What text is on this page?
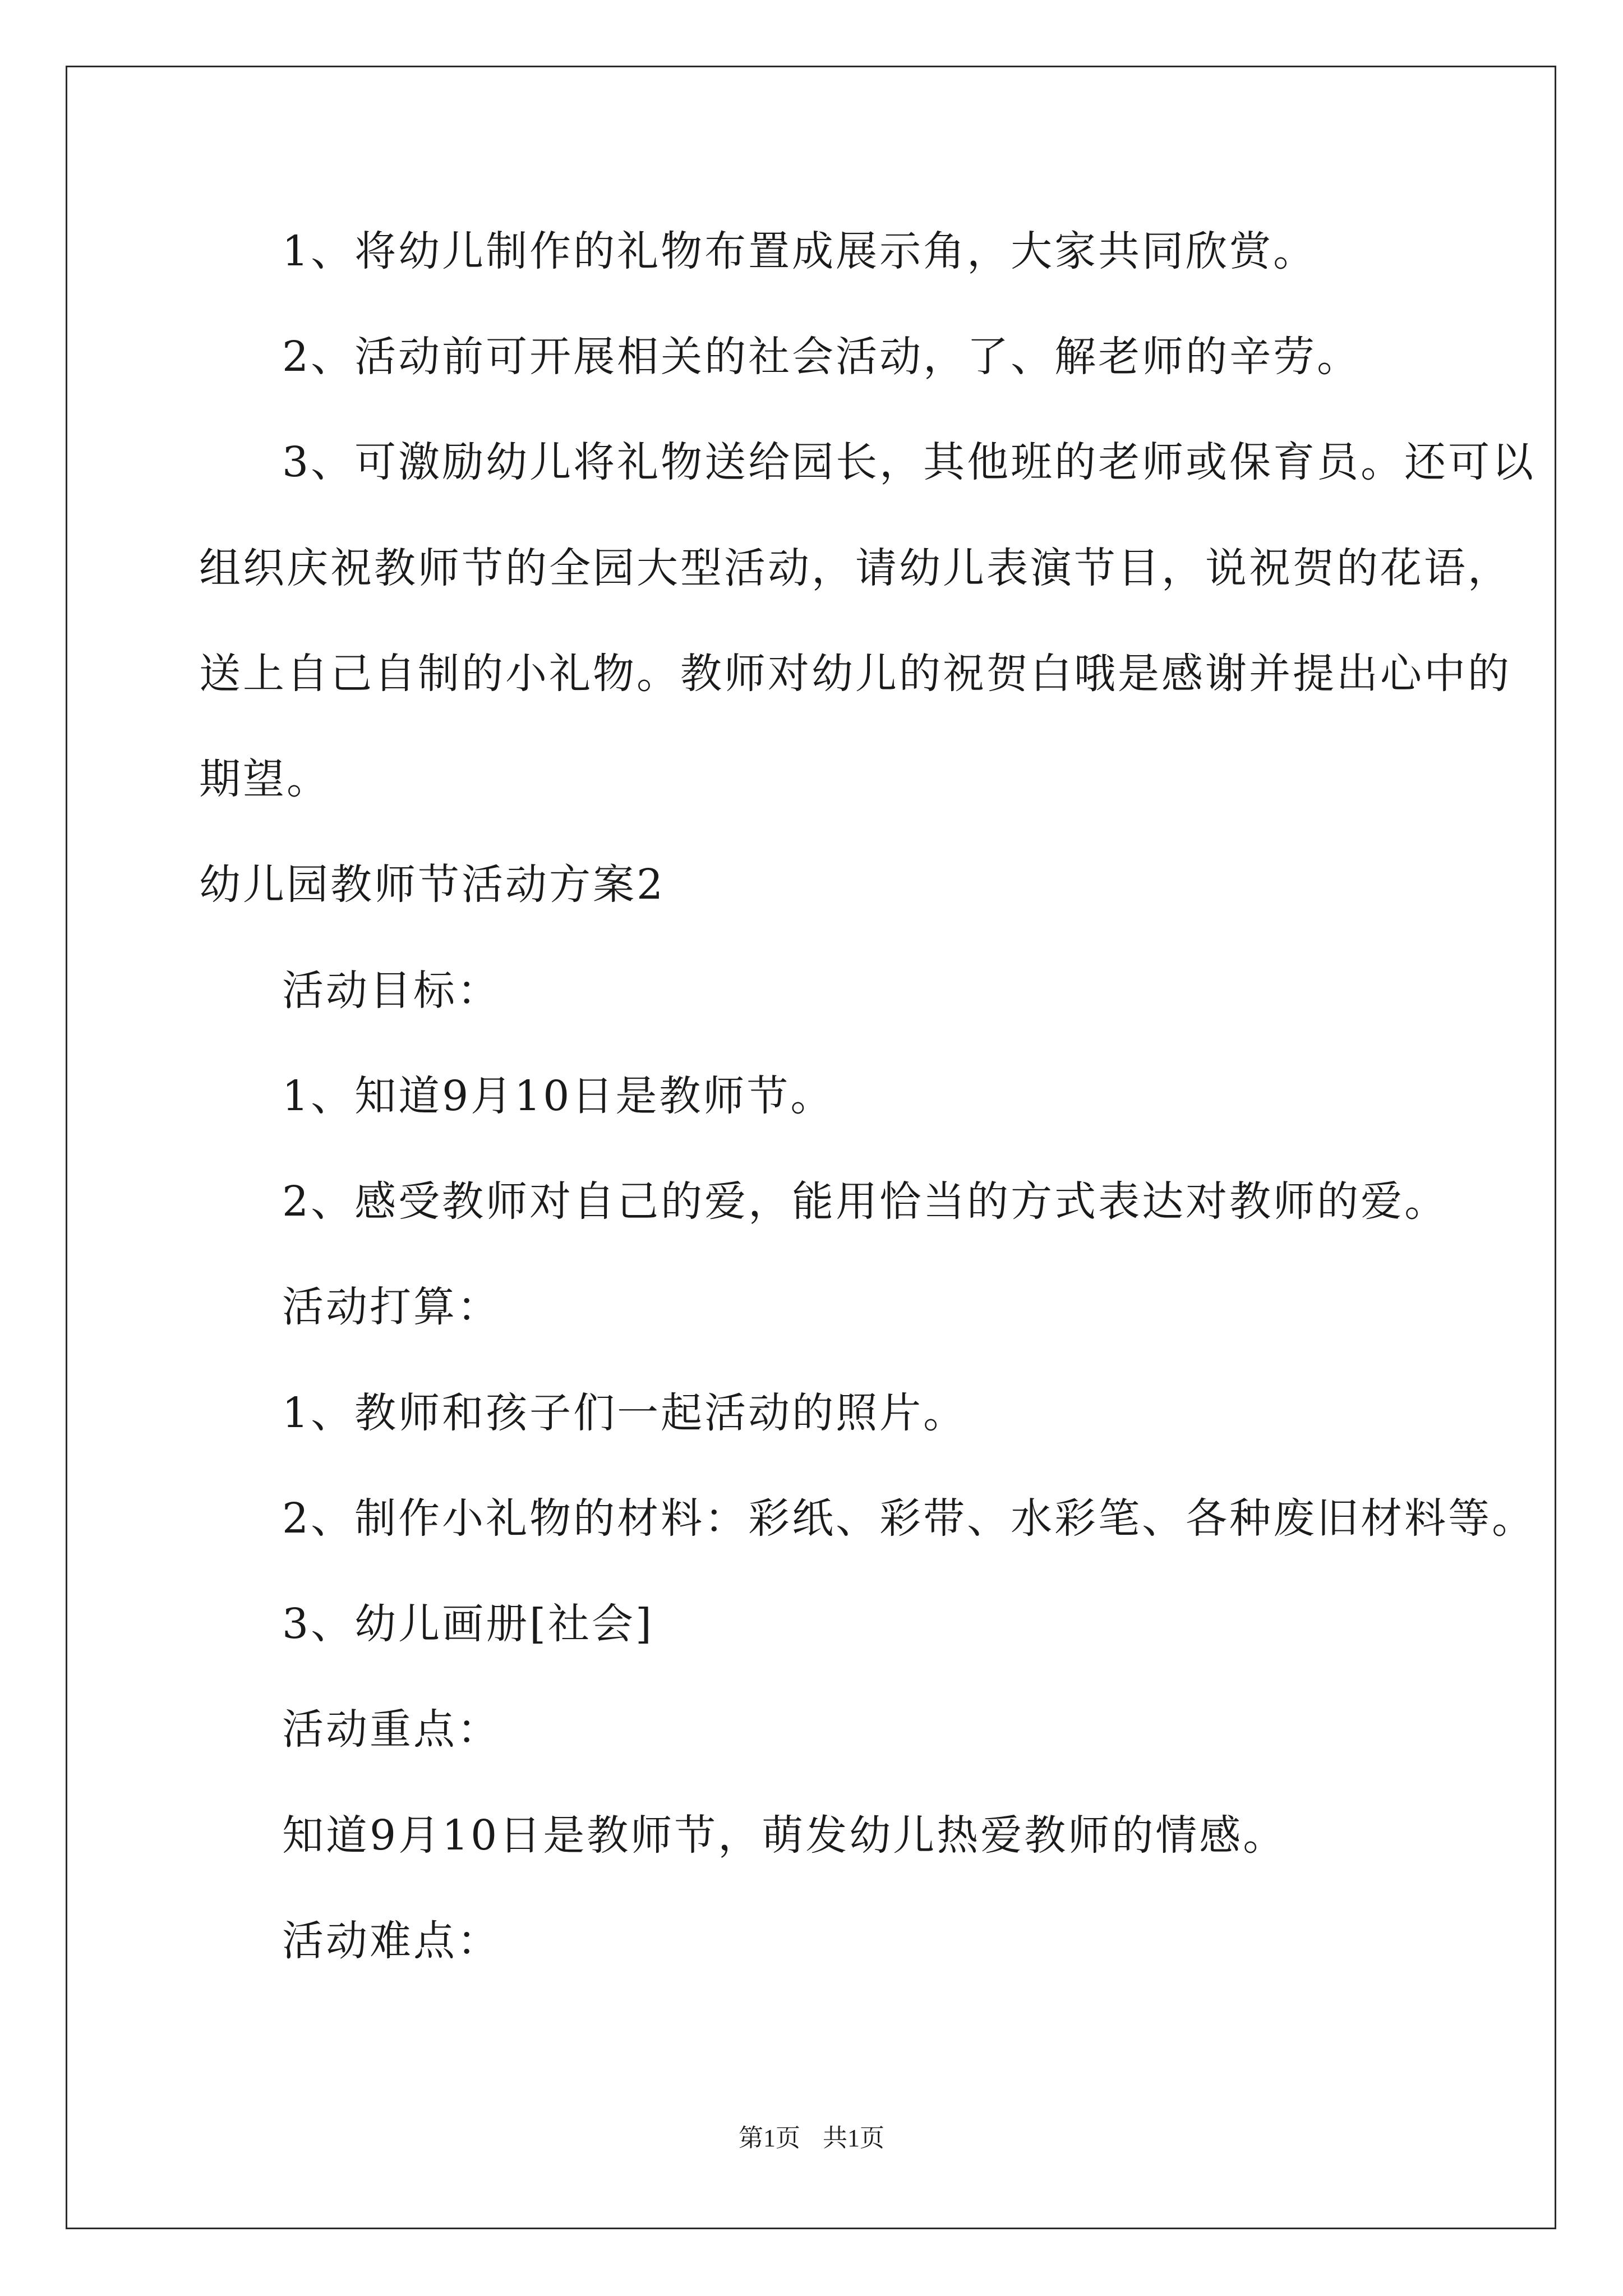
1、将幼儿制作的礼物布置成展示角，大家共同欣赏。
2、活动前可开展相关的社会活动，了、解老师的辛劳。
3、可激励幼儿将礼物送给园长，其他班的老师或保育员。还可以
组织庆祝教师节的全园大型活动，请幼儿表演节目，说祝贺的花语，
送上自己自制的小礼物。教师对幼儿的祝贺白哦是感谢并提出心中的
期望。
幼儿园教师节活动方案2
活动目标：
1、知道9月10日是教师节。
2、感受教师对自己的爱，能用恰当的方式表达对教师的爱。
活动打算：
1、教师和孩子们一起活动的照片。
2、制作小礼物的材料：彩纸、彩带、水彩笔、各种废旧材料等。
3、幼儿画册[社会]
活动重点：
知道9月10日是教师节，萌发幼儿热爱教师的情感。
活动难点：
第1页 共1页
